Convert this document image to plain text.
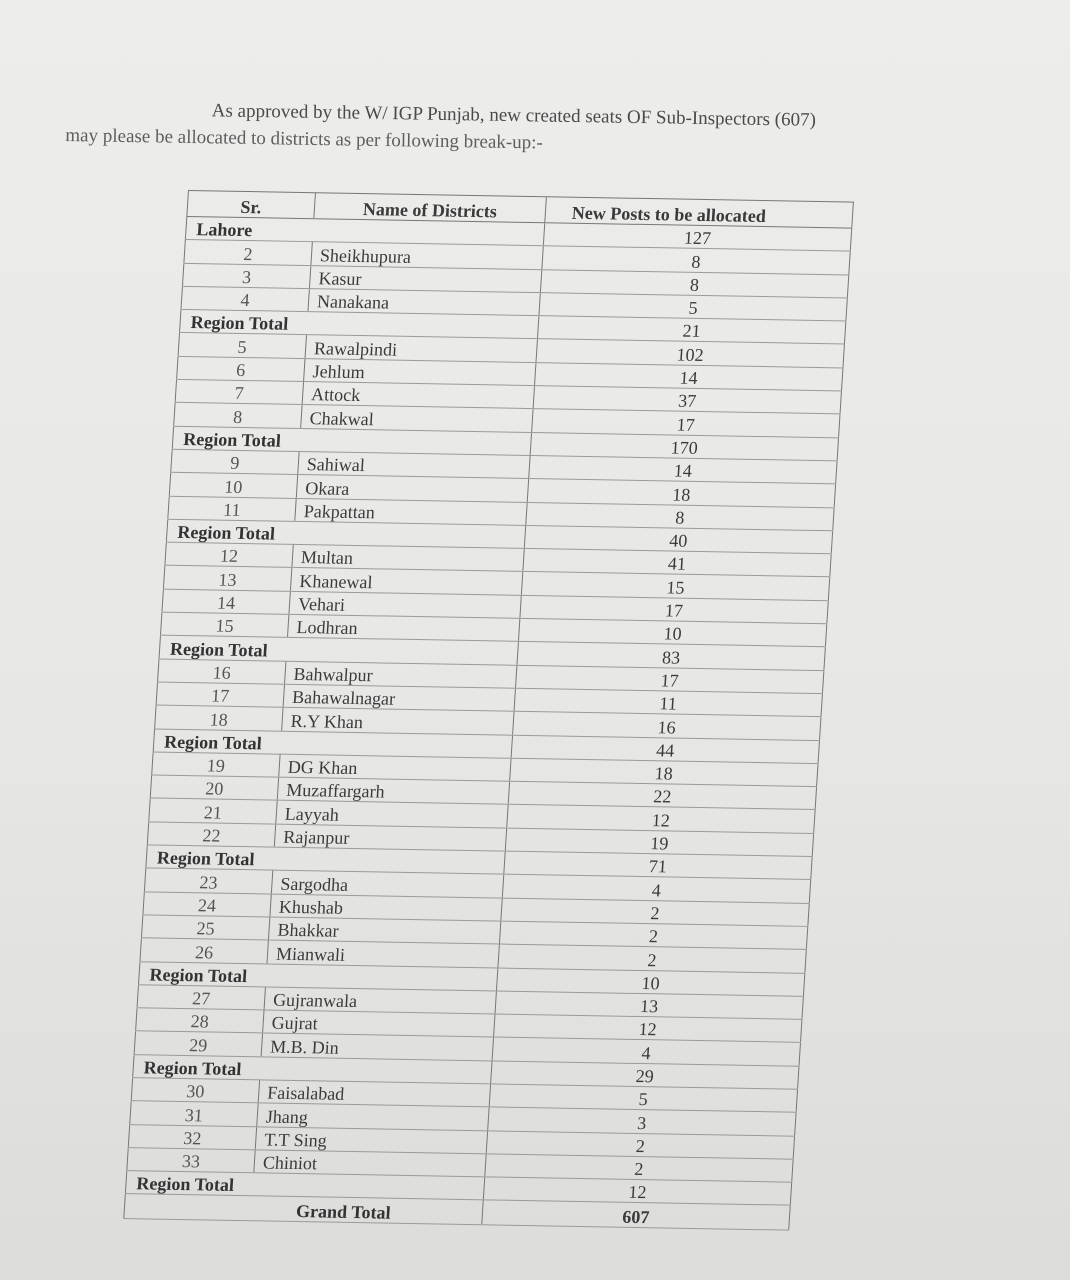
As approved by the W/ IGP Punjab, new created seats OF Sub-Inspectors (607)

may please be allocated to districts as per following break-up:-

Sr.	Name of Districts	New Posts to be allocated
Lahore		127
2	Sheikhupura	8
3	Kasur	8
4	Nanakana	5
Region Total		21
5	Rawalpindi	102
6	Jehlum	14
7	Attock	37
8	Chakwal	17
Region Total		170
9	Sahiwal	14
10	Okara	18
11	Pakpattan	8
Region Total		40
12	Multan	41
13	Khanewal	15
14	Vehari	17
15	Lodhran	10
Region Total		83
16	Bahwalpur	17
17	Bahawalnagar	11
18	R.Y Khan	16
Region Total		44
19	DG Khan	18
20	Muzaffargarh	22
21	Layyah	12
22	Rajanpur	19
Region Total		71
23	Sargodha	4
24	Khushab	2
25	Bhakkar	2
26	Mianwali	2
Region Total		10
27	Gujranwala	13
28	Gujrat	12
29	M.B. Din	4
Region Total		29
30	Faisalabad	5
31	Jhang	3
32	T.T Sing	2
33	Chiniot	2
Region Total		12
Grand Total		607
